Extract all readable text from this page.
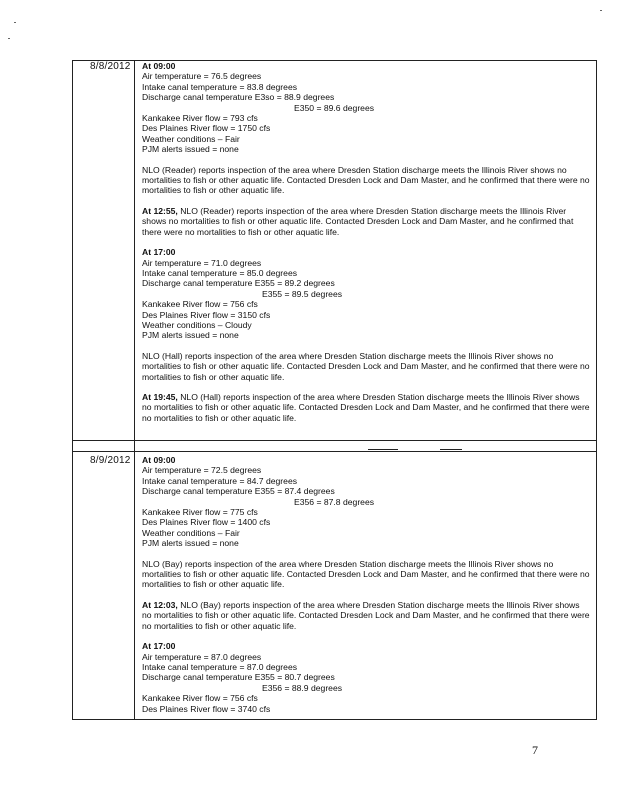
8/8/2012 At 09:00
Air temperature = 76.5 degrees
Intake canal temperature = 83.8 degrees
Discharge canal temperature E3so = 88.9 degrees
E350 = 89.6 degrees
Kankakee River flow = 793 cfs
Des Plaines River flow = 1750 cfs
Weather conditions – Fair
PJM alerts issued = none
NLO (Reader) reports inspection of the area where Dresden Station discharge meets the Illinois River shows no mortalities to fish or other aquatic life. Contacted Dresden Lock and Dam Master, and he confirmed that there were no mortalities to fish or other aquatic life.
At 12:55, NLO (Reader) reports inspection of the area where Dresden Station discharge meets the Illinois River shows no mortalities to fish or other aquatic life. Contacted Dresden Lock and Dam Master, and he confirmed that there were no mortalities to fish or other aquatic life.
At 17:00
Air temperature = 71.0 degrees
Intake canal temperature = 85.0 degrees
Discharge canal temperature E355 = 89.2 degrees
E355 = 89.5 degrees
Kankakee River flow = 756 cfs
Des Plaines River flow = 3150 cfs
Weather conditions – Cloudy
PJM alerts issued = none
NLO (Hall) reports inspection of the area where Dresden Station discharge meets the Illinois River shows no mortalities to fish or other aquatic life. Contacted Dresden Lock and Dam Master, and he confirmed that there were no mortalities to fish or other aquatic life.
At 19:45, NLO (Hall) reports inspection of the area where Dresden Station discharge meets the Illinois River shows no mortalities to fish or other aquatic life. Contacted Dresden Lock and Dam Master, and he confirmed that there were no mortalities to fish or other aquatic life.
8/9/2012 At 09:00
Air temperature = 72.5 degrees
Intake canal temperature = 84.7 degrees
Discharge canal temperature E355 = 87.4 degrees
E356 = 87.8 degrees
Kankakee River flow = 775 cfs
Des Plaines River flow = 1400 cfs
Weather conditions – Fair
PJM alerts issued = none
NLO (Bay) reports inspection of the area where Dresden Station discharge meets the Illinois River shows no mortalities to fish or other aquatic life. Contacted Dresden Lock and Dam Master, and he confirmed that there were no mortalities to fish or other aquatic life.
At 12:03, NLO (Bay) reports inspection of the area where Dresden Station discharge meets the Illinois River shows no mortalities to fish or other aquatic life. Contacted Dresden Lock and Dam Master, and he confirmed that there were no mortalities to fish or other aquatic life.
At 17:00
Air temperature = 87.0 degrees
Intake canal temperature = 87.0 degrees
Discharge canal temperature E355 = 80.7 degrees
E356 = 88.9 degrees
Kankakee River flow = 756 cfs
Des Plaines River flow = 3740 cfs
7
